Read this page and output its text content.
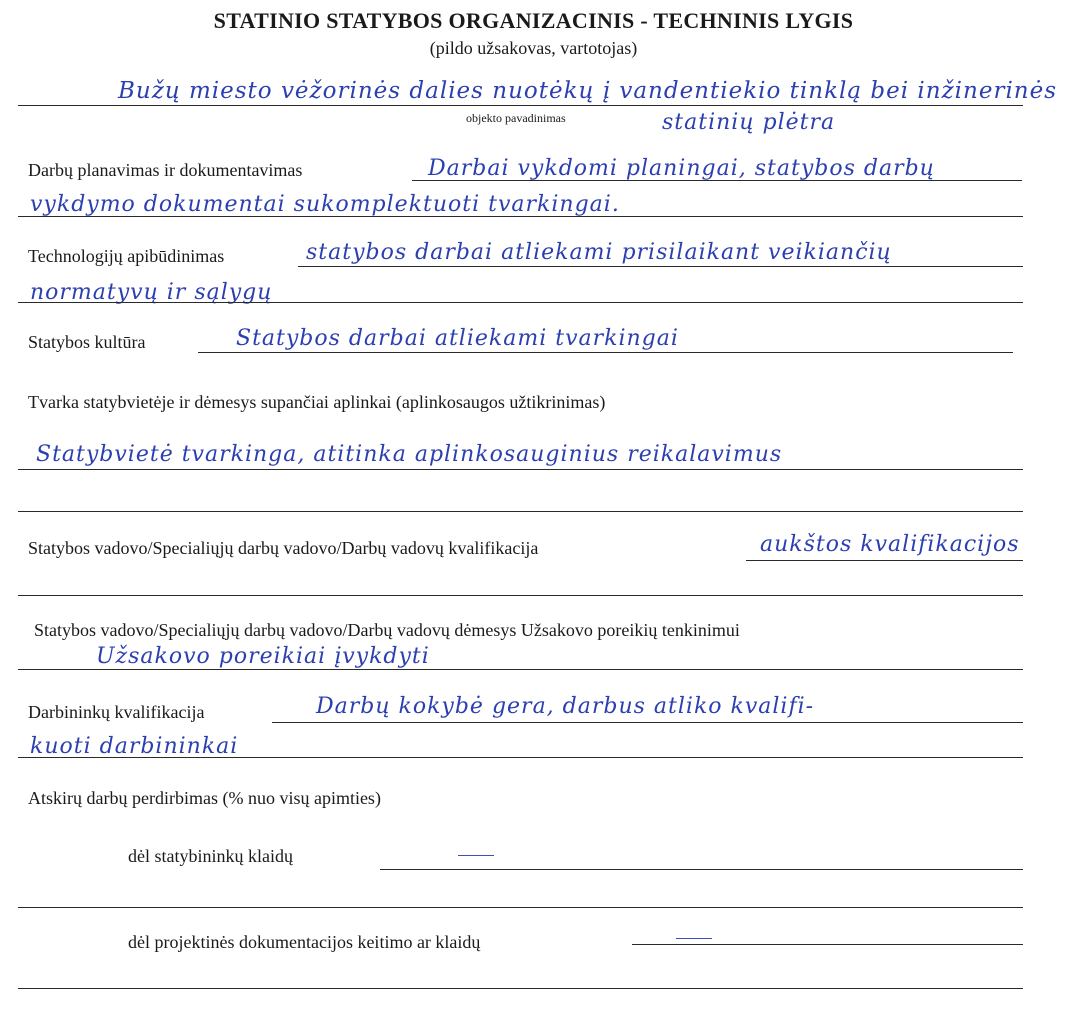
STATINIO STATYBOS ORGANIZACINIS - TECHNINIS LYGIS
(pildo užsakovas, vartotojas)
Bužų miesto vėžorinės dalies nuotėkų į vandentiekio tinklą bei inžinerinės
objekto pavadinimas	statinių plėtra
Darbų planavimas ir dokumentavimas	Darbai vykdomi planingai, statybos darbų
vykdymo dokumentai sukomplektuoti tvarkingai.
Technologijų apibūdinimas	statybos darbai atliekami prisilaikant veikiančių
normatyvų ir sąlygų
Statybos kultūra	Statybos darbai atliekami tvarkingai
Tvarka statybvietėje ir dėmesys supančiai aplinkai (aplinkosaugos užtikrinimas)
Statybvietė tvarkinga, atitinka aplinkosauginius reikalavimus
Statybos vadovo/Specialiųjų darbų vadovo/Darbų vadovų kvalifikacija	aukštos kvalifikacijos
Statybos vadovo/Specialiųjų darbų vadovo/Darbų vadovų dėmesys Užsakovo poreikių tenkinimui
Užsakovo poreikiai įvykdyti
Darbininkų kvalifikacija	Darbų kokybė gera, darbus atliko kvalifi-
kuoti darbininkai
Atskirų darbų perdirbimas (% nuo visų apimties)
dėl statybininkų klaidų
dėl projektinės dokumentacijos keitimo ar klaidų
